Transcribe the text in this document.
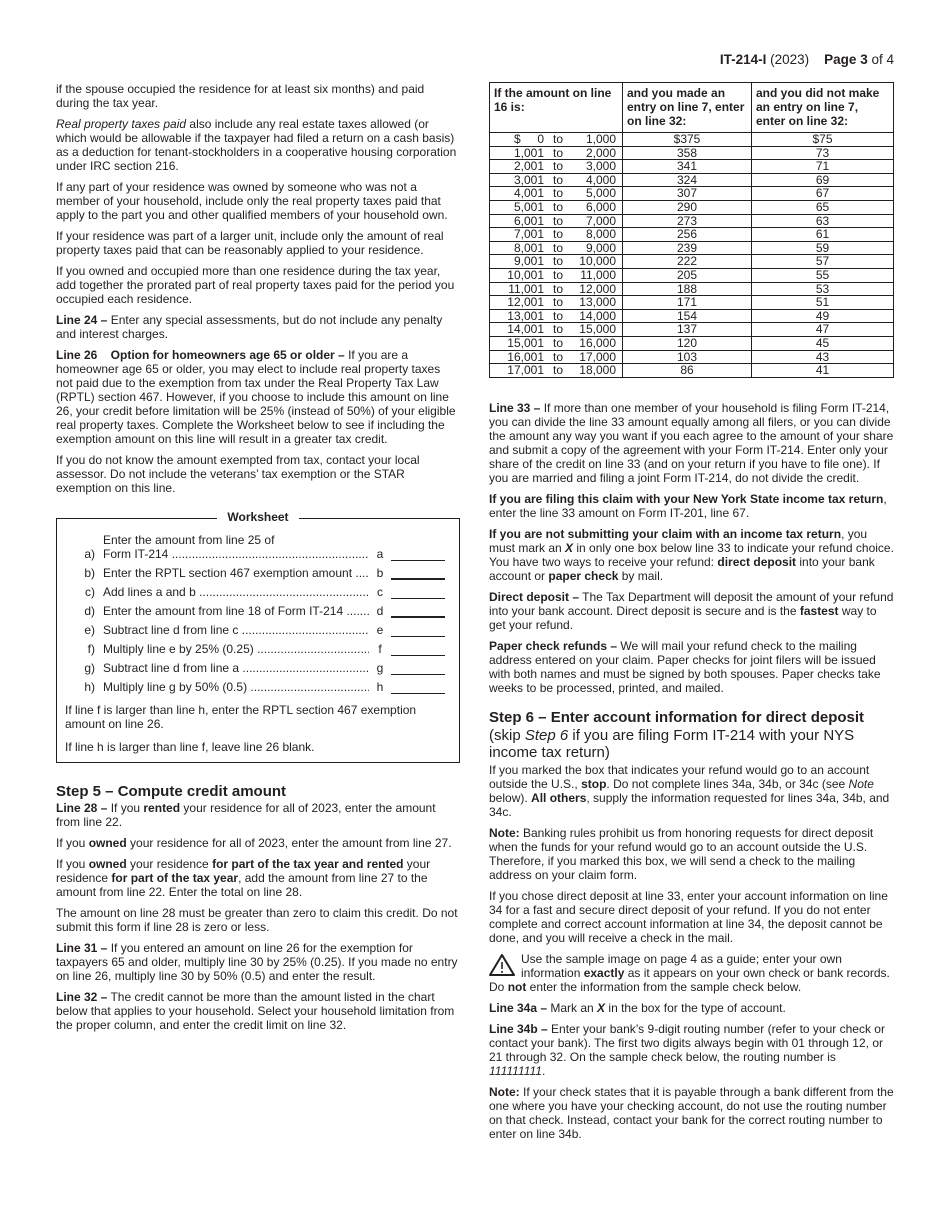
IT-214-I (2023) Page 3 of 4

if the spouse occupied the residence for at least six months) and paid during the tax year.

Real property taxes paid also include any real estate taxes allowed (or which would be allowable if the taxpayer had filed a return on a cash basis) as a deduction for tenant-stockholders in a cooperative housing corporation under IRC section 216.

If any part of your residence was owned by someone who was not a member of your household, include only the real property taxes paid that apply to the part you and other qualified members of your household own.

If your residence was part of a larger unit, include only the amount of real property taxes paid that can be reasonably applied to your residence.

If you owned and occupied more than one residence during the tax year, add together the prorated part of real property taxes paid for the period you occupied each residence.

Line 24 – Enter any special assessments, but do not include any penalty and interest charges.

Line 26    Option for homeowners age 65 or older – If you are a homeowner age 65 or older, you may elect to include real property taxes not paid due to the exemption from tax under the Real Property Tax Law (RPTL) section 467. However, if you choose to include this amount on line 26, your credit before limitation will be 25% (instead of 50%) of your eligible real property taxes. Complete the Worksheet below to see if including the exemption amount on this line will result in a greater tax credit.

If you do not know the amount exempted from tax, contact your local assessor. Do not include the veterans’ tax exemption or the STAR exemption on this line.

Worksheet
a)
Enter the amount from line 25 of
Form IT-214 .....	a
b) Enter the RPTL section 467 exemption amount .....	b
c) Add lines a and b .....	c
d) Enter the amount from line 18 of Form IT-214 .....	d
e) Subtract line d from line c .....	e
f) Multiply line e by 25% (0.25) .....	f
g) Subtract line d from line a .....	g
h) Multiply line g by 50% (0.5) .....	h

If line f is larger than line h, enter the RPTL section 467 exemption amount on line 26.

If line h is larger than line f, leave line 26 blank.

Step 5 – Compute credit amount

Line 28 – If you rented your residence for all of 2023, enter the amount from line 22.

If you owned your residence for all of 2023, enter the amount from line 27.

If you owned your residence for part of the tax year and rented your residence for part of the tax year, add the amount from line 27 to the amount from line 22. Enter the total on line 28.

The amount on line 28 must be greater than zero to claim this credit. Do not submit this form if line 28 is zero or less.

Line 31 – If you entered an amount on line 26 for the exemption for taxpayers 65 and older, multiply line 30 by 25% (0.25). If you made no entry on line 26, multiply line 30 by 50% (0.5) and enter the result.

Line 32 – The credit cannot be more than the amount listed in the chart below that applies to your household. Select your household limitation from the proper column, and enter the credit limit on line 32.

If the amount on line 16 is:	and you made an entry on line 7, enter on line 32:	and you did not make an entry on line 7, enter on line 32:

$     0 to 1,000	$375	$75

1,001 to 2,000	358	73

2,001 to 3,000	341	71

3,001 to 4,000	324	69

4,001 to 5,000	307	67

5,001 to 6,000	290	65

6,001 to 7,000	273	63

7,001 to 8,000	256	61

8,001 to 9,000	239	59

9,001 to 10,000	222	57

10,001 to 11,000	205	55

11,001 to 12,000	188	53

12,001 to 13,000	171	51

13,001 to 14,000	154	49

14,001 to 15,000	137	47

15,001 to 16,000	120	45

16,001 to 17,000	103	43

17,001 to 18,000	86	41

Line 33 – If more than one member of your household is filing Form IT-214, you can divide the line 33 amount equally among all filers, or you can divide the amount any way you want if you each agree to the amount of your share and submit a copy of the agreement with your Form IT-214. Enter only your share of the credit on line 33 (and on your return if you have to file one). If you are married and filing a joint Form IT-214, do not divide the credit.

If you are filing this claim with your New York State income tax return, enter the line 33 amount on Form IT-201, line 67.

If you are not submitting your claim with an income tax return, you must mark an X in only one box below line 33 to indicate your refund choice. You have two ways to receive your refund: direct deposit into your bank account or paper check by mail.

Direct deposit – The Tax Department will deposit the amount of your refund into your bank account. Direct deposit is secure and is the fastest way to get your refund.

Paper check refunds – We will mail your refund check to the mailing address entered on your claim. Paper checks for joint filers will be issued with both names and must be signed by both spouses. Paper checks take weeks to be processed, printed, and mailed.

Step 6 – Enter account information for direct deposit
(skip Step 6 if you are filing Form IT-214 with your NYS income tax return)

If you marked the box that indicates your refund would go to an account outside the U.S., stop. Do not complete lines 34a, 34b, or 34c (see Note below). All others, supply the information requested for lines 34a, 34b, and 34c.

Note: Banking rules prohibit us from honoring requests for direct deposit when the funds for your refund would go to an account outside the U.S. Therefore, if you marked this box, we will send a check to the mailing address on your claim form.

If you chose direct deposit at line 33, enter your account information on line 34 for a fast and secure direct deposit of your refund. If you do not enter complete and correct account information at line 34, the deposit cannot be done, and you will receive a check in the mail.

Use the sample image on page 4 as a guide; enter your own information exactly as it appears on your own check or bank records. Do not enter the information from the sample check below.

Line 34a – Mark an X in the box for the type of account.

Line 34b – Enter your bank’s 9-digit routing number (refer to your check or contact your bank). The first two digits always begin with 01 through 12, or 21 through 32. On the sample check below, the routing number is 111111111.

Note: If your check states that it is payable through a bank different from the one where you have your checking account, do not use the routing number on that check. Instead, contact your bank for the correct routing number to enter on line 34b.
